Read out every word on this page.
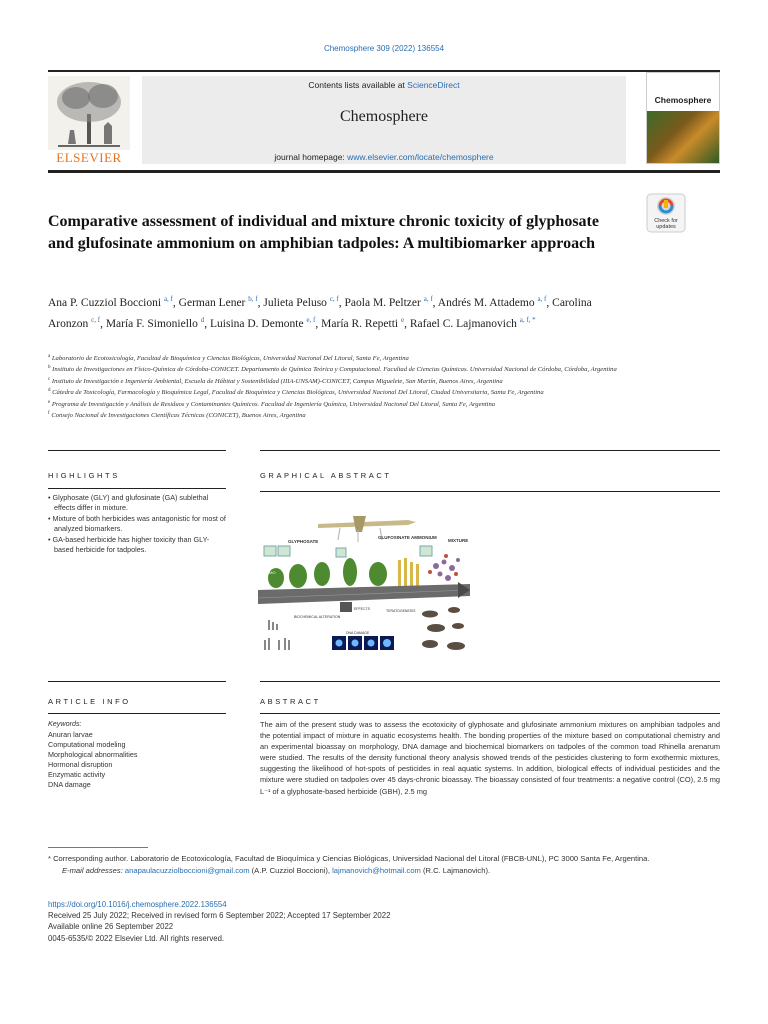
Chemosphere 309 (2022) 136554
ELSEVIER
Contents lists available at ScienceDirect
Chemosphere
journal homepage: www.elsevier.com/locate/chemosphere
Chemosphere
Check for
updates
Comparative assessment of individual and mixture chronic toxicity of glyphosate and glufosinate ammonium on amphibian tadpoles: A multibiomarker approach
Ana P. Cuzziol Boccioni $^{a, f}$, German Lener $^{b, f}$, Julieta Peluso $^{c, f}$, Paola M. Peltzer $^{a, f}$, Andrés M. Attademo $^{a, f}$, Carolina Aronzon $^{c, f}$, María F. Simoniello $^d$, Luisina D. Demonte $^{e, f}$, María R. Repetti $^e$, Rafael C. Lajmanovich $^{a, f, *}$
$^a$ Laboratorio de Ecotoxicología, Facultad de Bioquímica y Ciencias Biológicas, Universidad Nacional Del Litoral, Santa Fe, Argentina
$^b$ Instituto de Investigaciones en Físico-Química de Córdoba-CONICET. Departamento de Química Teórica y Computacional. Facultad de Ciencias Químicas. Universidad Nacional de Córdoba, Córdoba, Argentina
$^c$ Instituto de Investigación e Ingeniería Ambiental, Escuela de Hábitat y Sostenibilidad (IIIA-UNSAM)-CONICET, Campus Miguelete, San Martín, Buenos Aires, Argentina
$^d$ Cátedra de Toxicología, Farmacología y Bioquímica Legal, Facultad de Bioquímica y Ciencias Biológicas, Universidad Nacional Del Litoral, Ciudad Universitaria, Santa Fe, Argentina
$^e$ Programa de Investigación y Análisis de Residuos y Contaminantes Químicos. Facultad de Ingeniería Química, Universidad Nacional Del Litoral, Santa Fe, Argentina
$^f$ Consejo Nacional de Investigaciones Científicas Técnicas (CONICET), Buenos Aires, Argentina
HIGHLIGHTS	GRAPHICAL ABSTRACT
• Glyphosate (GLY) and glufosinate (GA) sublethal effects differ in mixture.
• Mixture of both herbicides was antagonistic for most of analyzed biomarkers.
• GA-based herbicide has higher toxicity than GLY-based herbicide for tadpoles.
GLYPHOSATE
GLUFOSINATE AMMONIUM
MIXTURE
GMO
EFFECTS
BIOCHEMICAL ALTERATION
TERATOGENESIS
DNA DAMAGE
ARTICLE INFO	ABSTRACT
Keywords:
Anuran larvae
Computational modeling
Morphological abnormalities
Hormonal disruption
Enzymatic activity
DNA damage
The aim of the present study was to assess the ecotoxicity of glyphosate and glufosinate ammonium mixtures on amphibian tadpoles and the potential impact of mixture in aquatic ecosystems health. The bonding properties of the mixture based on computational chemistry and an experimental bioassay on morphology, DNA damage and biochemical biomarkers on tadpoles of the common toad Rhinella arenarum were studied. The results of the density functional theory analysis showed trends of the pesticides clustering to form exothermic mixtures, suggesting the likelihood of hot-spots of pesticides in real aquatic systems. In addition, biological effects of individual pesticides and the mixture were studied on tadpoles over 45 days-chronic bioassay. The bioassay consisted of four treatments: a negative control (CO), 2.5 mg L⁻¹ of a glyphosate-based herbicide (GBH), 2.5 mg
* Corresponding author. Laboratorio de Ecotoxicología, Facultad de Bioquímica y Ciencias Biológicas, Universidad Nacional del Litoral (FBCB-UNL), PC 3000 Santa Fe, Argentina.
E-mail addresses: anapaulacuzziolboccioni@gmail.com (A.P. Cuzziol Boccioni), lajmanovich@hotmail.com (R.C. Lajmanovich).
https://doi.org/10.1016/j.chemosphere.2022.136554
Received 25 July 2022; Received in revised form 6 September 2022; Accepted 17 September 2022
Available online 26 September 2022
0045-6535/© 2022 Elsevier Ltd. All rights reserved.
